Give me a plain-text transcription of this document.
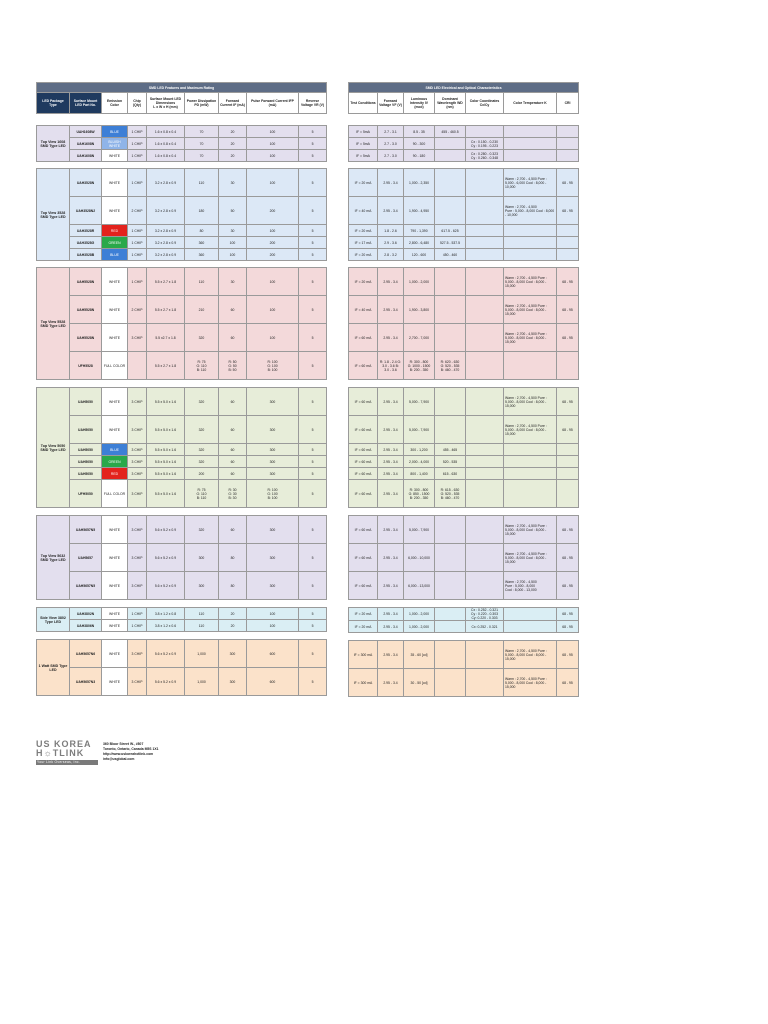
SMD LED Features and Maximum Rating								
LED Package Type	Surface Mount LED Part No.	Emission Color	Chip (Qty)	Surface Mount LED Dimensions
L x W x H (mm)	Power Dissipation PD (mW)	Forward Current IF (mA)	Pulse Forward Current IFP (mA)	Reverse Voltage VR (V)

Top View 1608 SMD Type LED	UAH1608W	BLUE	1 CHIP	1.6 x 0.8 x 0.4	70	20	100	5
	UAH1608N	BLUISH WHITE	1 CHIP	1.6 x 0.8 x 0.4	70	20	100	5
	UAH1608N	WHITE	1 CHIP	1.6 x 0.8 x 0.4	70	20	100	5

Top View 3528 SMD Type LED	UAH3528N	WHITE	1 CHIP	3.2 x 2.8 x 0.9	110	30	100	5
	UAH3528N2	WHITE	2 CHIP	3.2 x 2.8 x 0.9	180	50	200	5
	UAH3528R	RED	1 CHIP	3.2 x 2.8 x 0.9	80	30	100	5
	UAH3528G	GREEN	1 CHIP	3.2 x 2.8 x 0.9	360	100	200	5
	UAH3528B	BLUE	1 CHIP	3.2 x 2.8 x 0.9	360	100	200	5

Top View 5528 SMD Type LED	UAH5528N	WHITE	1 CHIP	5.5 x 2.7 x 1.8	110	30	100	5
	UAH5528N	WHITE	2 CHIP	5.5 x 2.7 x 1.8	210	60	100	5
	UAH5528N	WHITE	3 CHIP	5.5 x2.7 x 1.8	320	60	100	5
	UFH5528	FULL COLOR		5.5 x 2.7 x 1.8	R: 75
G: 110
B: 110	R: 50
G: 50
B: 50	R: 100
G: 100
B: 100	5

Top View 5050 SMD Type LED	UAH5050	WHITE	3 CHIP	5.5 x 5.0 x 1.6	320	60	300	5
	UAH5050	WHITE	3 CHIP	5.5 x 5.0 x 1.6	320	60	300	5
	UAH5050	BLUE	3 CHIP	5.5 x 5.0 x 1.6	320	60	300	5
	UAH5050	GREEN	3 CHIP	5.5 x 5.0 x 1.6	320	60	300	5
	UAH5050	RED	3 CHIP	5.5 x 5.0 x 1.6	200	60	300	5
	UFH5050	FULL COLOR	3 CHIP	5.5 x 5.0 x 1.6	R: 75
G: 110
B: 110	R: 30
G: 30
B: 30	R: 100
G: 100
B: 100	5

Top View 5632 SMD Type LED	UAH5657N5	WHITE	3 CHIP	5.6 x 5.2 x 0.9	320	60	300	5
	UAH5657	WHITE	3 CHIP	5.6 x 5.2 x 0.9	300	80	300	5
	UAH5657N5	WHITE	3 CHIP	5.6 x 5.2 x 0.9	300	80	300	5

Side View 3802 Type LED	UAH3802N	WHITE	1 CHIP	3.8 x 1.2 x 0.8	110	20	100	5
	UAH3806N	WHITE	1 CHIP	3.8 x 1.2 x 0.6	110	20	100	5

1 Watt SMD Type LED	UAH5657N6	WHITE	3 CHIP	5.6 x 5.2 x 0.9	1,000	300	600	5
	UAH5657N3	WHITE	3 CHIP	5.6 x 5.2 x 0.9	1,000	300	600	5
SMD LED Electrical and Optical Characteristics						
Test Conditions	Forward Voltage VF (V)	Luminous Intensity IV (mcd)	Dominant Wavelength WD (nm)	Color Coordinates Cx/Cy	Color Temperature K	CRI

IF = 5mA	2.7 - 3.1	8.5 - 35	455 - 460.5			
IF = 5mA	2.7 - 3.0	90 - 300		Cx : 0.150 - 0.230
Cy : 0.195 - 0.223		
IF = 5mA	2.7 - 3.0	90 - 180		Cx : 0.280 - 0.323
Cy : 0.260 - 0.348		

IF = 20 mA	2.95 - 3.4	1,000 - 2,350			Warm : 2,700 - 4,500 Pure : 5,000 - 6,000 Cool : 8,000 - 10,000	68 - 95
IF = 40 mA	2.95 - 3.4	1,900 - 4,950			Warm : 2,700 - 4,500
Pure : 5,000 - 8,000 Cool : 8,000 - 10,000	68 - 95
IF = 20 mA	1.8 - 2.6	790 - 1,390	617.5 - 625			
IF = 17 mA	2.9 - 3.6	2,800 - 6,480	527.5 - 537.5			
IF = 20 mA	2.8 - 3.2	120 - 600	450 - 460			

IF = 20 mA	2.95 - 3.4	1,000 - 2,000			Warm : 2,700 - 4,500 Pure : 5,000 - 8,000 Cool : 8,000 - 15,000	68 - 95
IF = 40 mA	2.95 - 3.4	1,900 - 3,800			Warm : 2,700 - 4,500 Pure : 5,000 - 8,000 Cool : 8,000 - 15,000	68 - 95
IF = 60 mA	2.95 - 3.4	2,700 - 7,000			Warm : 2,700 - 4,500 Pure : 5,000 - 8,000 Cool : 8,000 - 15,000	68 - 95
IF = 60 mA	R: 1.8 - 2.4 G:
3.0 - 3.6 B:
3.0 - 3.6	R: 300 - 800
G: 1000 - 1500
B: 200 - 350	R: 620 - 630
G: 520 - 535
B: 460 - 470			

IF = 60 mA	2.95 - 3.4	5,000 - 7,900			Warm : 2,700 - 4,500 Pure : 5,000 - 8,000 Cool : 8,000 - 15,000	68 - 95
IF = 60 mA	2.95 - 3.4	5,000 - 7,900			Warm : 2,700 - 4,500 Pure : 5,000 - 8,000 Cool : 8,000 - 15,000	68 - 95
IF = 60 mA	2.95 - 3.4	300 - 1,200	455 - 465			
IF = 60 mA	2.95 - 3.4	2,000 - 4,000	520 - 535			
IF = 60 mA	2.95 - 3.4	800 - 1,400	615 - 630			
IF = 60 mA	2.95 - 3.4	R: 300 - 800
G: 850 - 1500
B: 200 - 350	R: 615 - 630
G: 520 - 535
B: 460 - 470			

IF = 60 mA	2.95 - 3.4	5,000 - 7,900			Warm : 2,700 - 4,500 Pure : 5,000 - 8,000 Cool : 8,000 - 15,000	68 - 95
IF = 60 mA	2.95 - 3.4	6,000 - 10,000			Warm : 2,700 - 4,500 Pure : 5,000 - 8,000 Cool : 8,000 - 15,000	68 - 95
IF = 60 mA	2.95 - 3.4	6,000 - 13,000			Warm : 2,700 - 4,500
Pure : 5,000 - 8,000
Cool : 8,000 - 13,000	68 - 95

IF = 20 mA	2.95 - 3.4	1,000 - 2,000		Cx : 0.252 - 0.321
Cy : 0.220 - 0.303
Cy: 0.220 - 0.303		68 - 95
IF = 20 mA	2.95 - 3.4	1,000 - 2,000		Cx: 0.252 - 0.321		68 - 95

IF = 300 mA	2.95 - 3.4	35 - 60 [cd]			Warm : 2,700 - 4,500 Pure : 5,000 - 8,000 Cool : 8,000 - 15,000	68 - 95
IF = 300 mA	2.95 - 3.4	30 - 50 [cd]			Warm : 2,700 - 4,500 Pure : 5,000 - 8,000 Cool : 8,000 - 15,000	68 - 95
US KOREA
H☼TLINK
Your Link Overseas, Inc.
360 Bloor Street W., #807
Toronto, Ontario, Canada M5S 1X1
http://www.uskoreahotlink.com
info@usglobal.com
